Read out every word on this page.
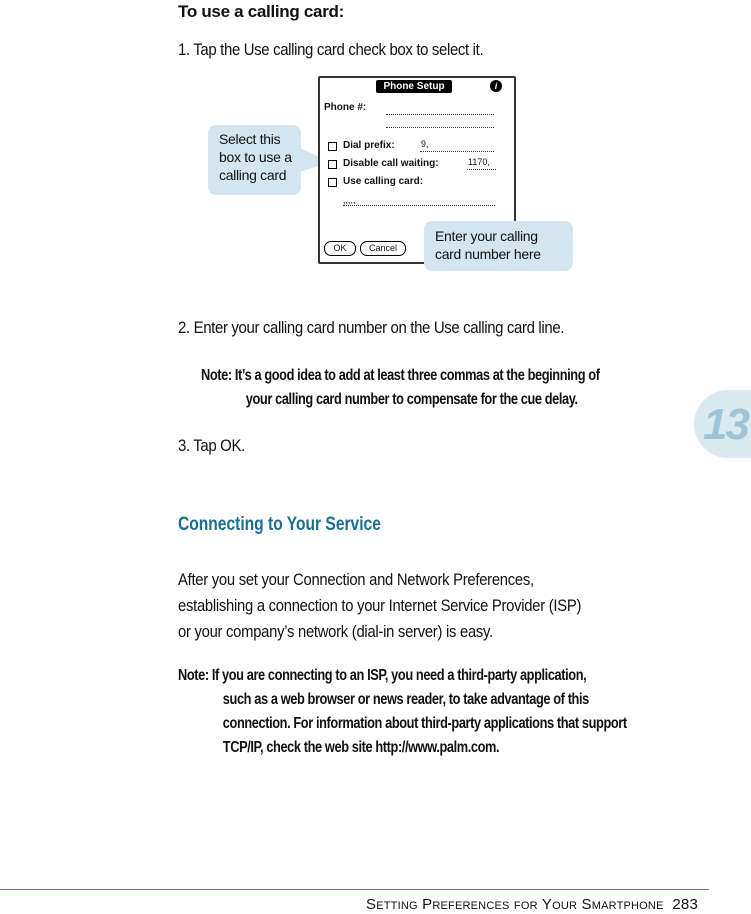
To use a calling card:
1. Tap the Use calling card check box to select it.
Phone Setup	i
Phone #:
Dial prefix:	9,
Disable call waiting:	1170,
Use calling card:
,,,,,
OK	Cancel
Select this
box to use a
calling card
Enter your calling
card number here
2. Enter your calling card number on the Use calling card line.
Note: It’s a good idea to add at least three commas at the beginning of
your calling card number to compensate for the cue delay.
3. Tap OK.	13
Connecting to Your Service
After you set your Connection and Network Preferences,
establishing a connection to your Internet Service Provider (ISP)
or your company’s network (dial-in server) is easy.
Note: If you are connecting to an ISP, you need a third-party application,
such as a web browser or news reader, to take advantage of this
connection. For information about third-party applications that support
TCP/IP, check the web site http://www.palm.com.
SETTING PREFERENCES FOR YOUR SMARTPHONE 283
